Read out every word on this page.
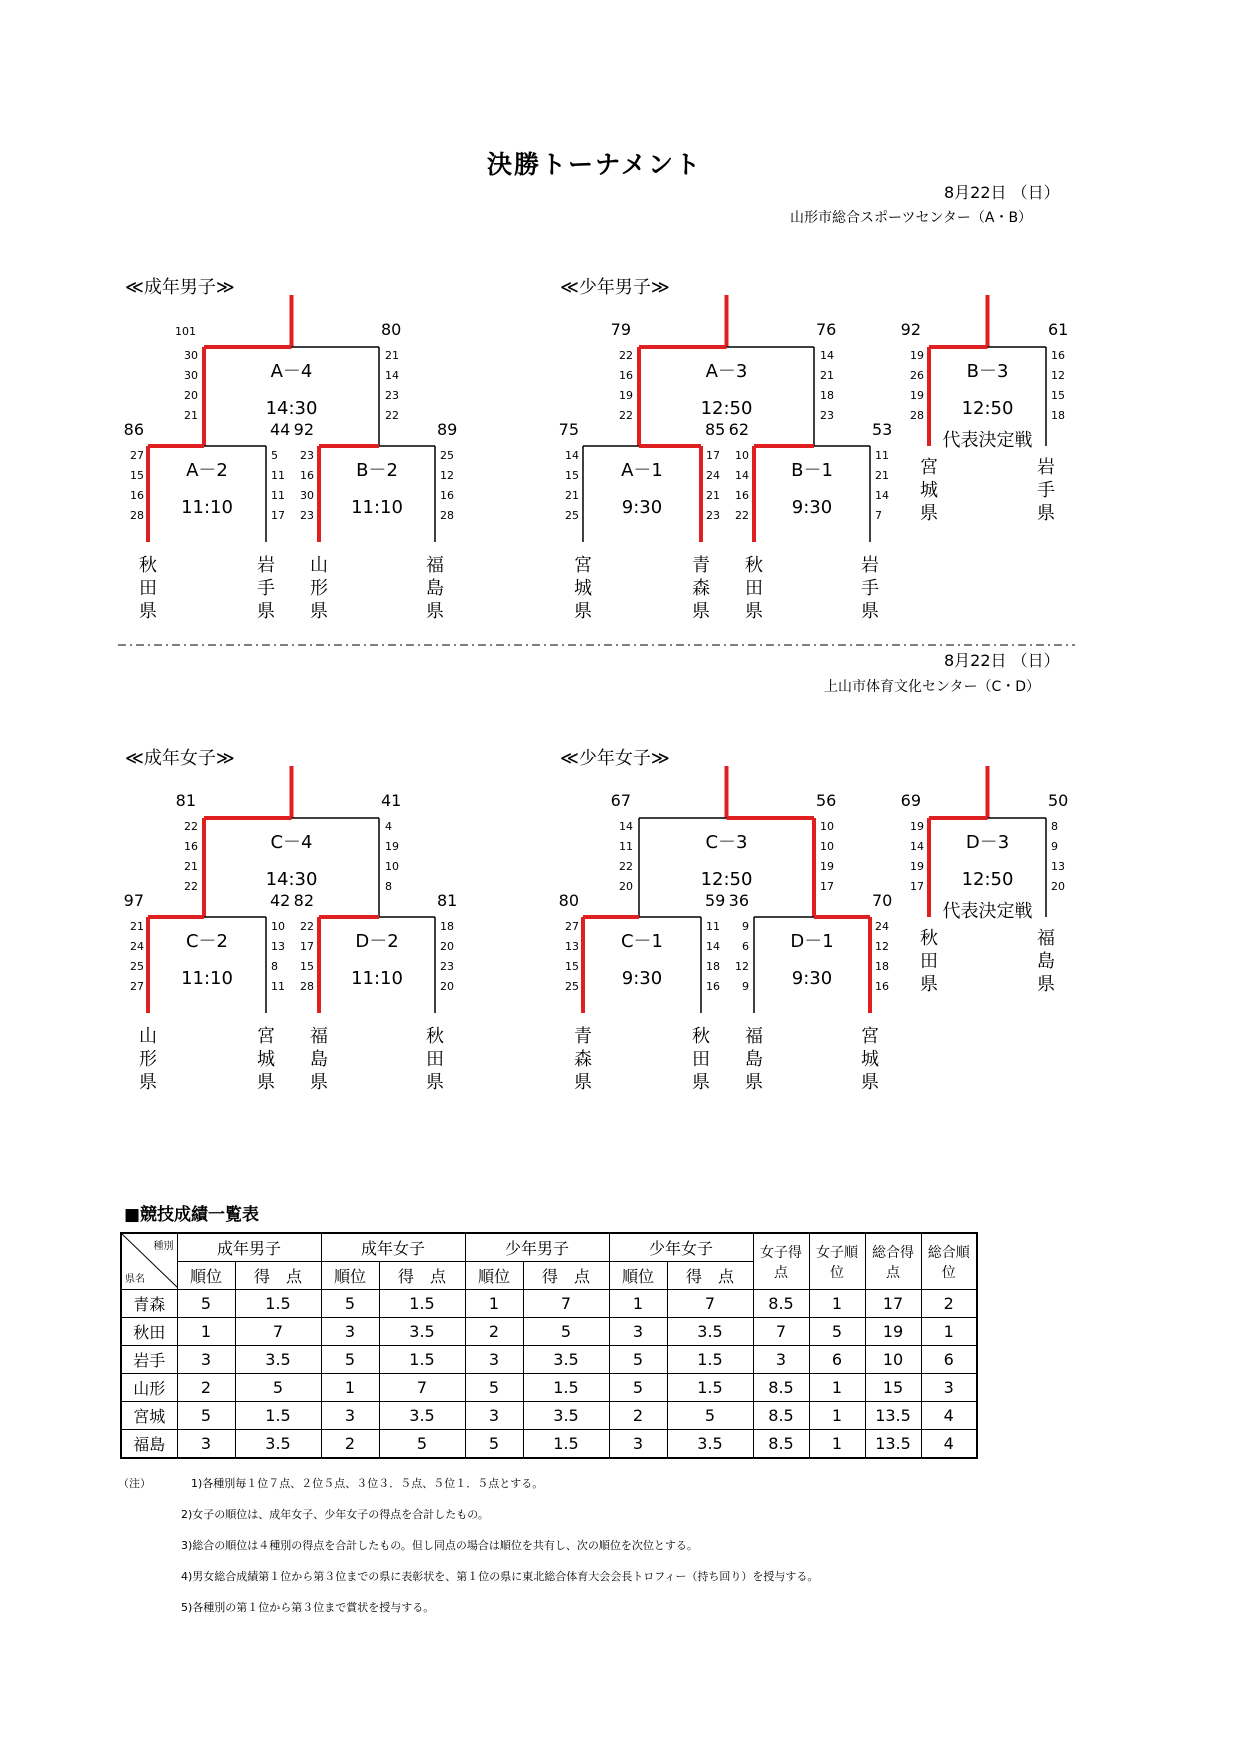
決勝トーナメント
8月22日 （日）
山形市総合スポーツセンター（A・B）
≪成年男子≫	≪少年男子≫
≪成年女子≫	≪少年女子≫
A－4
14:30
101	80
30
30
20
21
21
14
23
22
A－2
11:10
86	44
27
15
16
28
5
11
11
17
B－2
11:10
92	89
23
16
30
23
25
12
16
28
秋
田
県
岩
手
県
山
形
県
福
島
県
A－3
12:50
79	76
22
16
19
22
14
21
18
23
A－1
9:30
75	85
14
15
21
25
17
24
21
23
B－1
9:30
62	53
10
14
16
22
11
21
14
7
宮
城
県
青
森
県
秋
田
県
岩
手
県
C－4
14:30
81	41
22
16
21
22
4
19
10
8
C－2
11:10
97	42
21
24
25
27
10
13
8
11
D－2
11:10
82	81
22
17
15
28
18
20
23
20
山
形
県
宮
城
県
福
島
県
秋
田
県
C－3
12:50
67	56
14
11
22
20
10
10
19
17
C－1
9:30
80	59
27
13
15
25
11
14
18
16
D－1
9:30
36	70
9
6
12
9
24
12
18
16
青
森
県
秋
田
県
福
島
県
宮
城
県
B－3
12:50
代表決定戦
92	61
19
26
19
28
16
12
15
18
宮
城
県
岩
手
県
D－3
12:50
代表決定戦
69	50
19
14
19
17
8
9
13
20
秋
田
県
福
島
県
8月22日 （日）
上山市体育文化センター（C・D）
■競技成績一覧表
種別
県名	成年男子		成年女子		少年男子		少年女子		女子得点	女子順位	総合得点	総合順位
	順位	得　点	順位	得　点	順位	得　点	順位	得　点				
青森	5	1.5	5	1.5	1	7	1	7	8.5	1	17	2
秋田	1	7	3	3.5	2	5	3	3.5	7	5	19	1
岩手	3	3.5	5	1.5	3	3.5	5	1.5	3	6	10	6
山形	2	5	1	7	5	1.5	5	1.5	8.5	1	15	3
宮城	5	1.5	3	3.5	3	3.5	2	5	8.5	1	13.5	4
福島	3	3.5	2	5	5	1.5	3	3.5	8.5	1	13.5	4
（注）	1)各種別毎１位７点、２位５点、３位３．５点、５位１．５点とする。
2)女子の順位は、成年女子、少年女子の得点を合計したもの。
3)総合の順位は４種別の得点を合計したもの。但し同点の場合は順位を共有し、次の順位を次位とする。
4)男女総合成績第１位から第３位までの県に表彰状を、第１位の県に東北総合体育大会会長トロフィー（持ち回り）を授与する。
5)各種別の第１位から第３位まで賞状を授与する。
